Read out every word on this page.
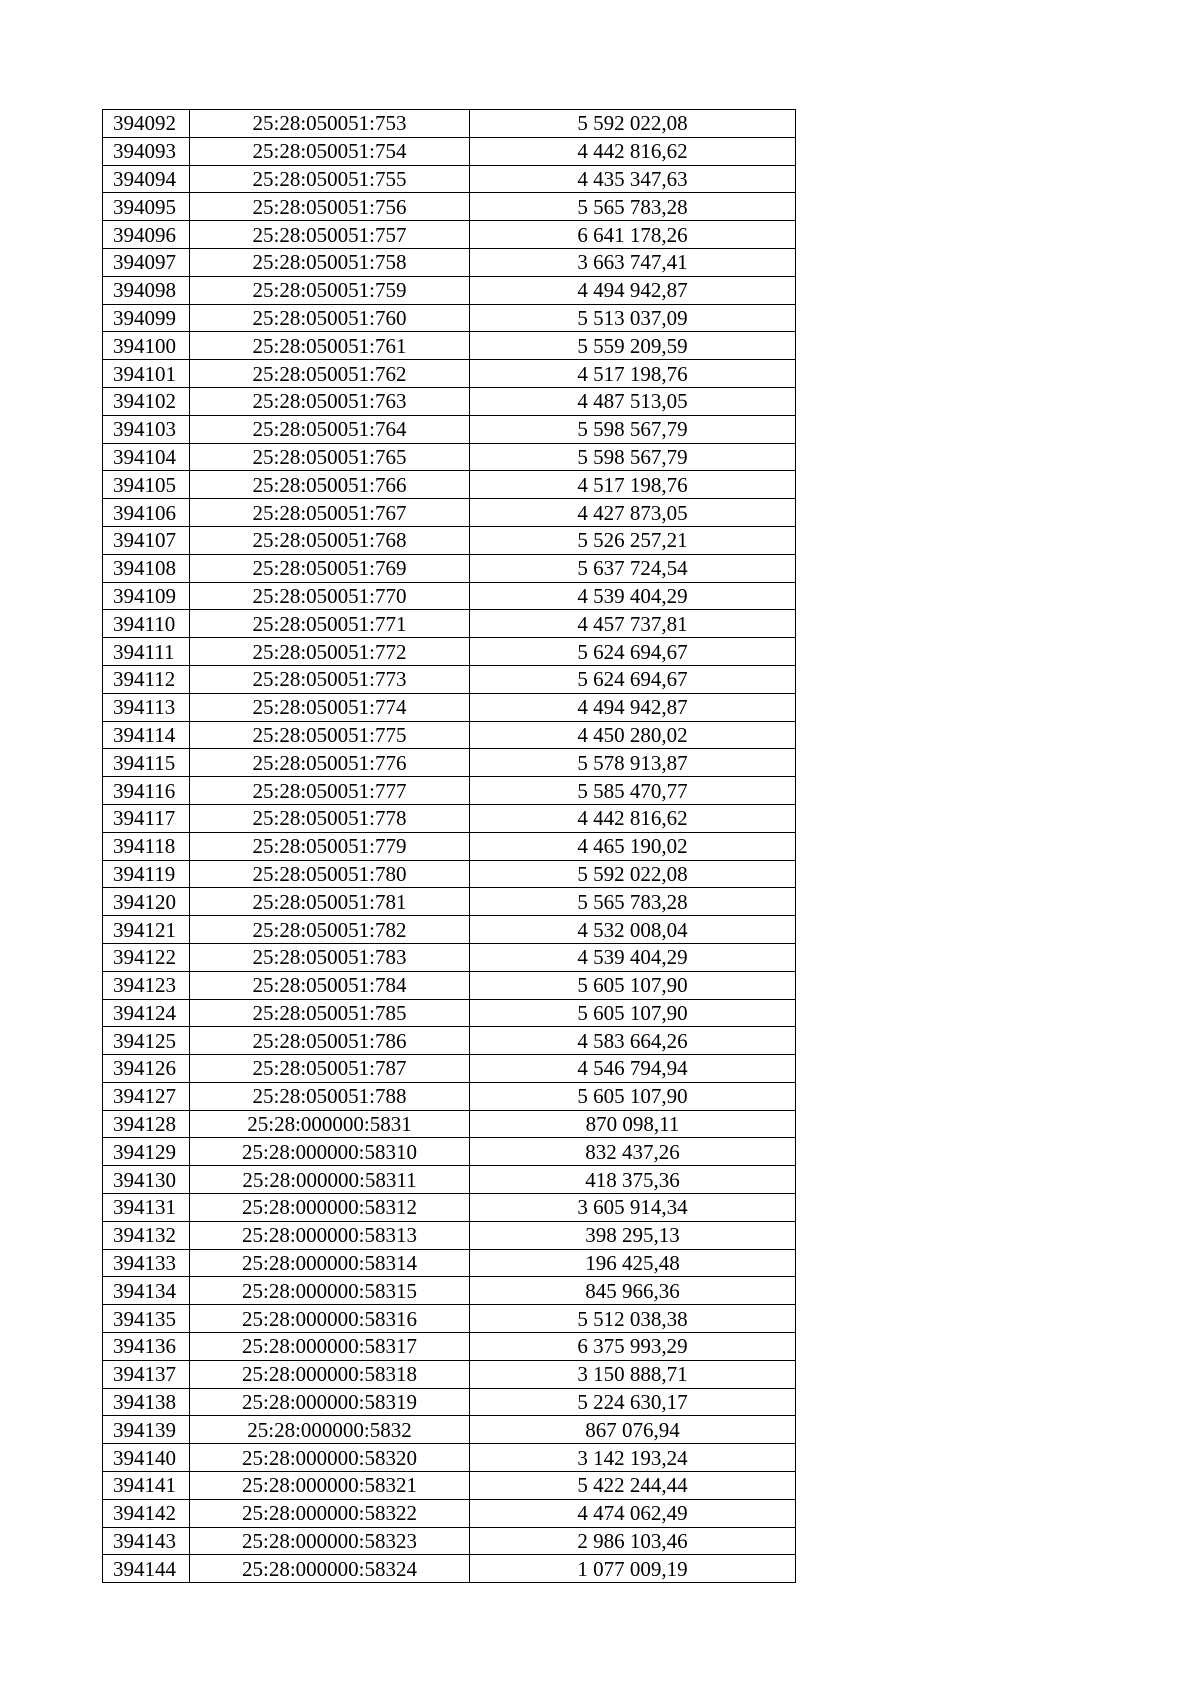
394092	25:28:050051:753	5 592 022,08
394093	25:28:050051:754	4 442 816,62
394094	25:28:050051:755	4 435 347,63
394095	25:28:050051:756	5 565 783,28
394096	25:28:050051:757	6 641 178,26
394097	25:28:050051:758	3 663 747,41
394098	25:28:050051:759	4 494 942,87
394099	25:28:050051:760	5 513 037,09
394100	25:28:050051:761	5 559 209,59
394101	25:28:050051:762	4 517 198,76
394102	25:28:050051:763	4 487 513,05
394103	25:28:050051:764	5 598 567,79
394104	25:28:050051:765	5 598 567,79
394105	25:28:050051:766	4 517 198,76
394106	25:28:050051:767	4 427 873,05
394107	25:28:050051:768	5 526 257,21
394108	25:28:050051:769	5 637 724,54
394109	25:28:050051:770	4 539 404,29
394110	25:28:050051:771	4 457 737,81
394111	25:28:050051:772	5 624 694,67
394112	25:28:050051:773	5 624 694,67
394113	25:28:050051:774	4 494 942,87
394114	25:28:050051:775	4 450 280,02
394115	25:28:050051:776	5 578 913,87
394116	25:28:050051:777	5 585 470,77
394117	25:28:050051:778	4 442 816,62
394118	25:28:050051:779	4 465 190,02
394119	25:28:050051:780	5 592 022,08
394120	25:28:050051:781	5 565 783,28
394121	25:28:050051:782	4 532 008,04
394122	25:28:050051:783	4 539 404,29
394123	25:28:050051:784	5 605 107,90
394124	25:28:050051:785	5 605 107,90
394125	25:28:050051:786	4 583 664,26
394126	25:28:050051:787	4 546 794,94
394127	25:28:050051:788	5 605 107,90
394128	25:28:000000:5831	870 098,11
394129	25:28:000000:58310	832 437,26
394130	25:28:000000:58311	418 375,36
394131	25:28:000000:58312	3 605 914,34
394132	25:28:000000:58313	398 295,13
394133	25:28:000000:58314	196 425,48
394134	25:28:000000:58315	845 966,36
394135	25:28:000000:58316	5 512 038,38
394136	25:28:000000:58317	6 375 993,29
394137	25:28:000000:58318	3 150 888,71
394138	25:28:000000:58319	5 224 630,17
394139	25:28:000000:5832	867 076,94
394140	25:28:000000:58320	3 142 193,24
394141	25:28:000000:58321	5 422 244,44
394142	25:28:000000:58322	4 474 062,49
394143	25:28:000000:58323	2 986 103,46
394144	25:28:000000:58324	1 077 009,19
